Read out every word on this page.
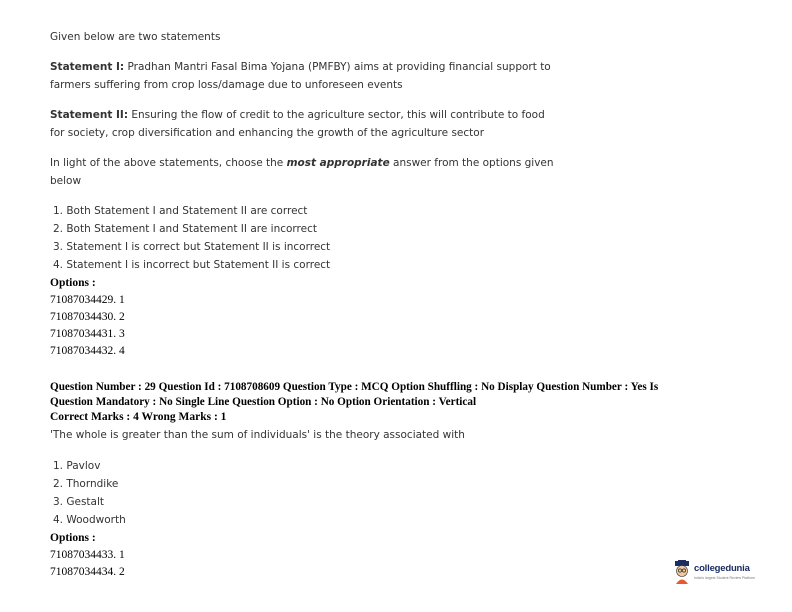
Given below are two statements
Statement I: Pradhan Mantri Fasal Bima Yojana (PMFBY) aims at providing financial support to
farmers suffering from crop loss/damage due to unforeseen events
Statement II: Ensuring the flow of credit to the agriculture sector, this will contribute to food
for society, crop diversification and enhancing the growth of the agriculture sector
In light of the above statements, choose the most appropriate answer from the options given
below
1. Both Statement I and Statement II are correct
2. Both Statement I and Statement II are incorrect
3. Statement I is correct but Statement II is incorrect
4. Statement I is incorrect but Statement II is correct
Options :
71087034429. 1
71087034430. 2
71087034431. 3
71087034432. 4
Question Number : 29 Question Id : 7108708609 Question Type : MCQ Option Shuffling : No Display Question Number : Yes Is
Question Mandatory : No Single Line Question Option : No Option Orientation : Vertical
Correct Marks : 4 Wrong Marks : 1
'The whole is greater than the sum of individuals' is the theory associated with
1. Pavlov
2. Thorndike
3. Gestalt
4. Woodworth
Options :
71087034433. 1
71087034434. 2	collegedunia
India's largest Student Review Platform
